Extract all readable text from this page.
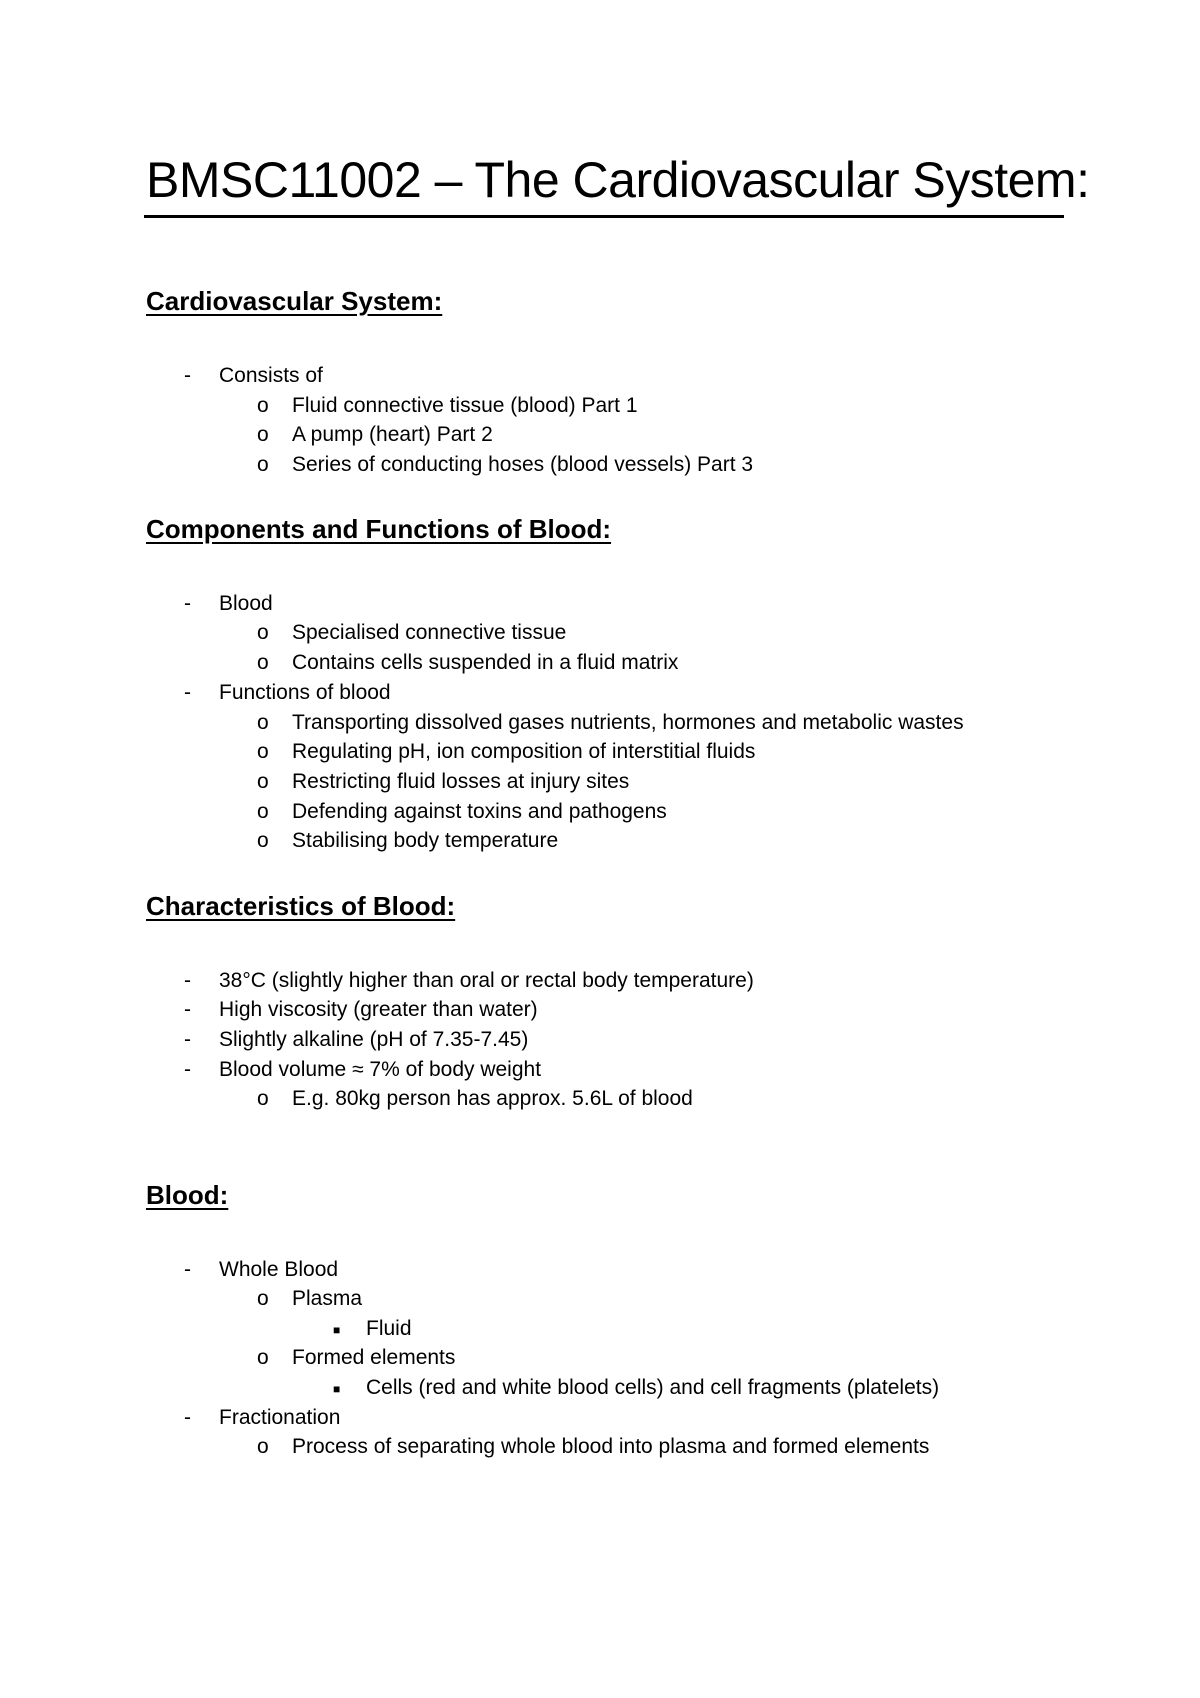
BMSC11002 – The Cardiovascular System:
Cardiovascular System:
- Consists of
o Fluid connective tissue (blood) Part 1
o A pump (heart) Part 2
o Series of conducting hoses (blood vessels) Part 3
Components and Functions of Blood:
- Blood
o Specialised connective tissue
o Contains cells suspended in a fluid matrix
- Functions of blood
o Transporting dissolved gases nutrients, hormones and metabolic wastes
o Regulating pH, ion composition of interstitial fluids
o Restricting fluid losses at injury sites
o Defending against toxins and pathogens
o Stabilising body temperature
Characteristics of Blood:
- 38°C (slightly higher than oral or rectal body temperature)
- High viscosity (greater than water)
- Slightly alkaline (pH of 7.35-7.45)
- Blood volume ≈ 7% of body weight
o E.g. 80kg person has approx. 5.6L of blood
Blood:
- Whole Blood
o Plasma
■ Fluid
o Formed elements
■ Cells (red and white blood cells) and cell fragments (platelets)
- Fractionation
o Process of separating whole blood into plasma and formed elements
